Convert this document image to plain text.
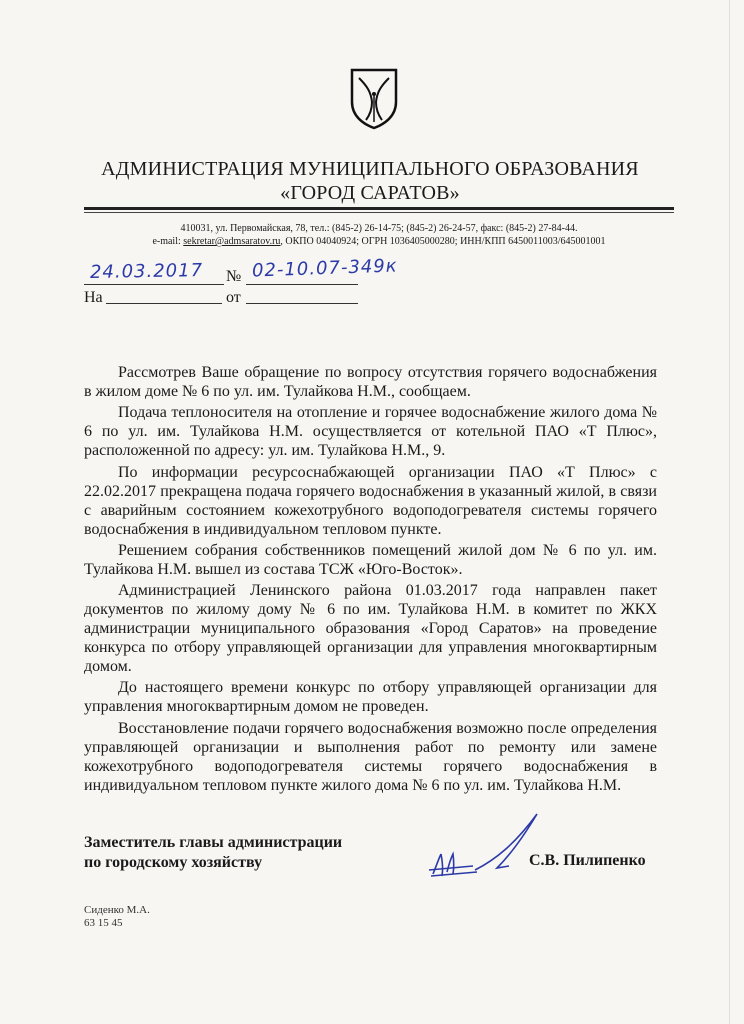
АДМИНИСТРАЦИЯ МУНИЦИПАЛЬНОГО ОБРАЗОВАНИЯ
«ГОРОД САРАТОВ»
410031, ул. Первомайская, 78, тел.: (845-2) 26-14-75; (845-2) 26-24-57, факс: (845-2) 27-84-44.
e-mail: sekretar@admsaratov.ru, ОКПО 04040924; ОГРН 1036405000280; ИНН/КПП 6450011003/645001001
24.03.2017 № 02-10.07-349к
На	от

Рассмотрев Ваше обращение по вопросу отсутствия горячего водоснабжения в жилом доме № 6 по ул. им. Тулайкова Н.М., сообщаем.

Подача теплоносителя на отопление и горячее водоснабжение жилого дома № 6 по ул. им. Тулайкова Н.М. осуществляется от котельной ПАО «Т Плюс», расположенной по адресу: ул. им. Тулайкова Н.М., 9.

По информации ресурсоснабжающей организации ПАО «Т Плюс» с 22.02.2017 прекращена подача горячего водоснабжения в указанный жилой, в связи с аварийным состоянием кожехотрубного водоподогревателя системы горячего водоснабжения в индивидуальном тепловом пункте.

Решением собрания собственников помещений жилой дом № 6 по ул. им. Тулайкова Н.М. вышел из состава ТСЖ «Юго-Восток».

Администрацией Ленинского района 01.03.2017 года направлен пакет документов по жилому дому № 6 по им. Тулайкова Н.М. в комитет по ЖКХ администрации муниципального образования «Город Саратов» на проведение конкурса по отбору управляющей организации для управления многоквартирным домом.

До настоящего времени конкурс по отбору управляющей организации для управления многоквартирным домом не проведен.

Восстановление подачи горячего водоснабжения возможно после определения управляющей организации и выполнения работ по ремонту или замене кожехотрубного водоподогревателя системы горячего водоснабжения в индивидуальном тепловом пункте жилого дома № 6 по ул. им. Тулайкова Н.М.

Заместитель главы администрации
по городскому хозяйству	С.В. Пилипенко
Сиденко М.А.
63 15 45
